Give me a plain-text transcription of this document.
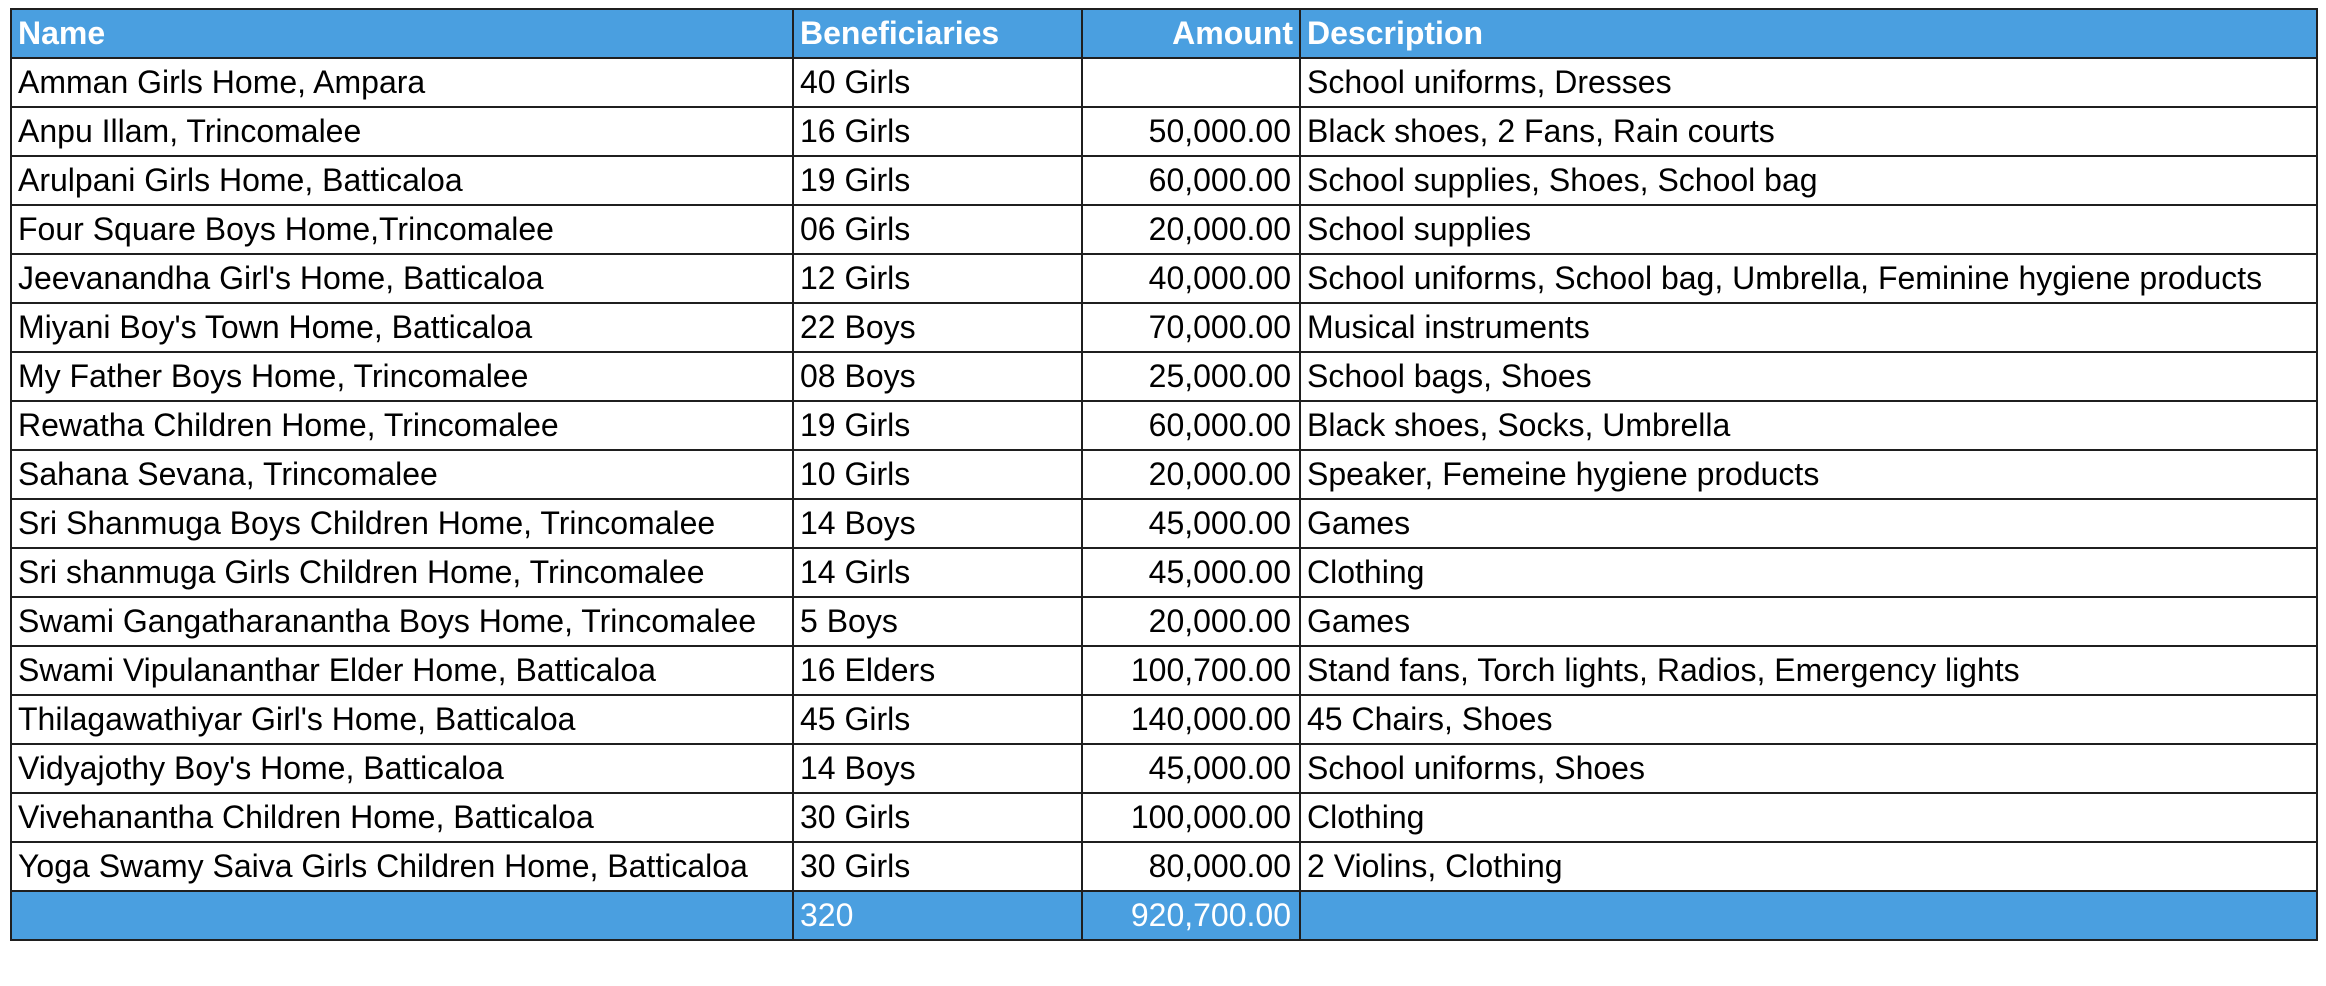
Name	Beneficiaries	Amount	Description
Amman Girls Home, Ampara	40 Girls		School uniforms, Dresses
Anpu Illam, Trincomalee	16 Girls	50,000.00	Black shoes, 2 Fans, Rain courts
Arulpani Girls Home, Batticaloa	19 Girls	60,000.00	School supplies, Shoes, School bag
Four Square Boys Home,Trincomalee	06 Girls	20,000.00	School supplies
Jeevanandha Girl's Home, Batticaloa	12 Girls	40,000.00	School uniforms, School bag, Umbrella, Feminine hygiene products
Miyani Boy's Town Home, Batticaloa	22 Boys	70,000.00	Musical instruments
My Father Boys Home, Trincomalee	08 Boys	25,000.00	School bags, Shoes
Rewatha Children Home, Trincomalee	19 Girls	60,000.00	Black shoes, Socks, Umbrella
Sahana Sevana, Trincomalee	10 Girls	20,000.00	Speaker, Femeine hygiene products
Sri Shanmuga Boys Children Home, Trincomalee	14 Boys	45,000.00	Games
Sri shanmuga Girls Children Home, Trincomalee	14 Girls	45,000.00	Clothing
Swami Gangatharanantha Boys Home, Trincomalee	5 Boys	20,000.00	Games
Swami Vipulananthar Elder Home, Batticaloa	16 Elders	100,700.00	Stand fans, Torch lights, Radios, Emergency lights
Thilagawathiyar Girl's Home, Batticaloa	45 Girls	140,000.00	45 Chairs, Shoes
Vidyajothy Boy's Home, Batticaloa	14 Boys	45,000.00	School uniforms, Shoes
Vivehanantha Children Home, Batticaloa	30 Girls	100,000.00	Clothing
Yoga Swamy Saiva Girls Children Home, Batticaloa	30 Girls	80,000.00	2 Violins, Clothing
	320	920,700.00	
